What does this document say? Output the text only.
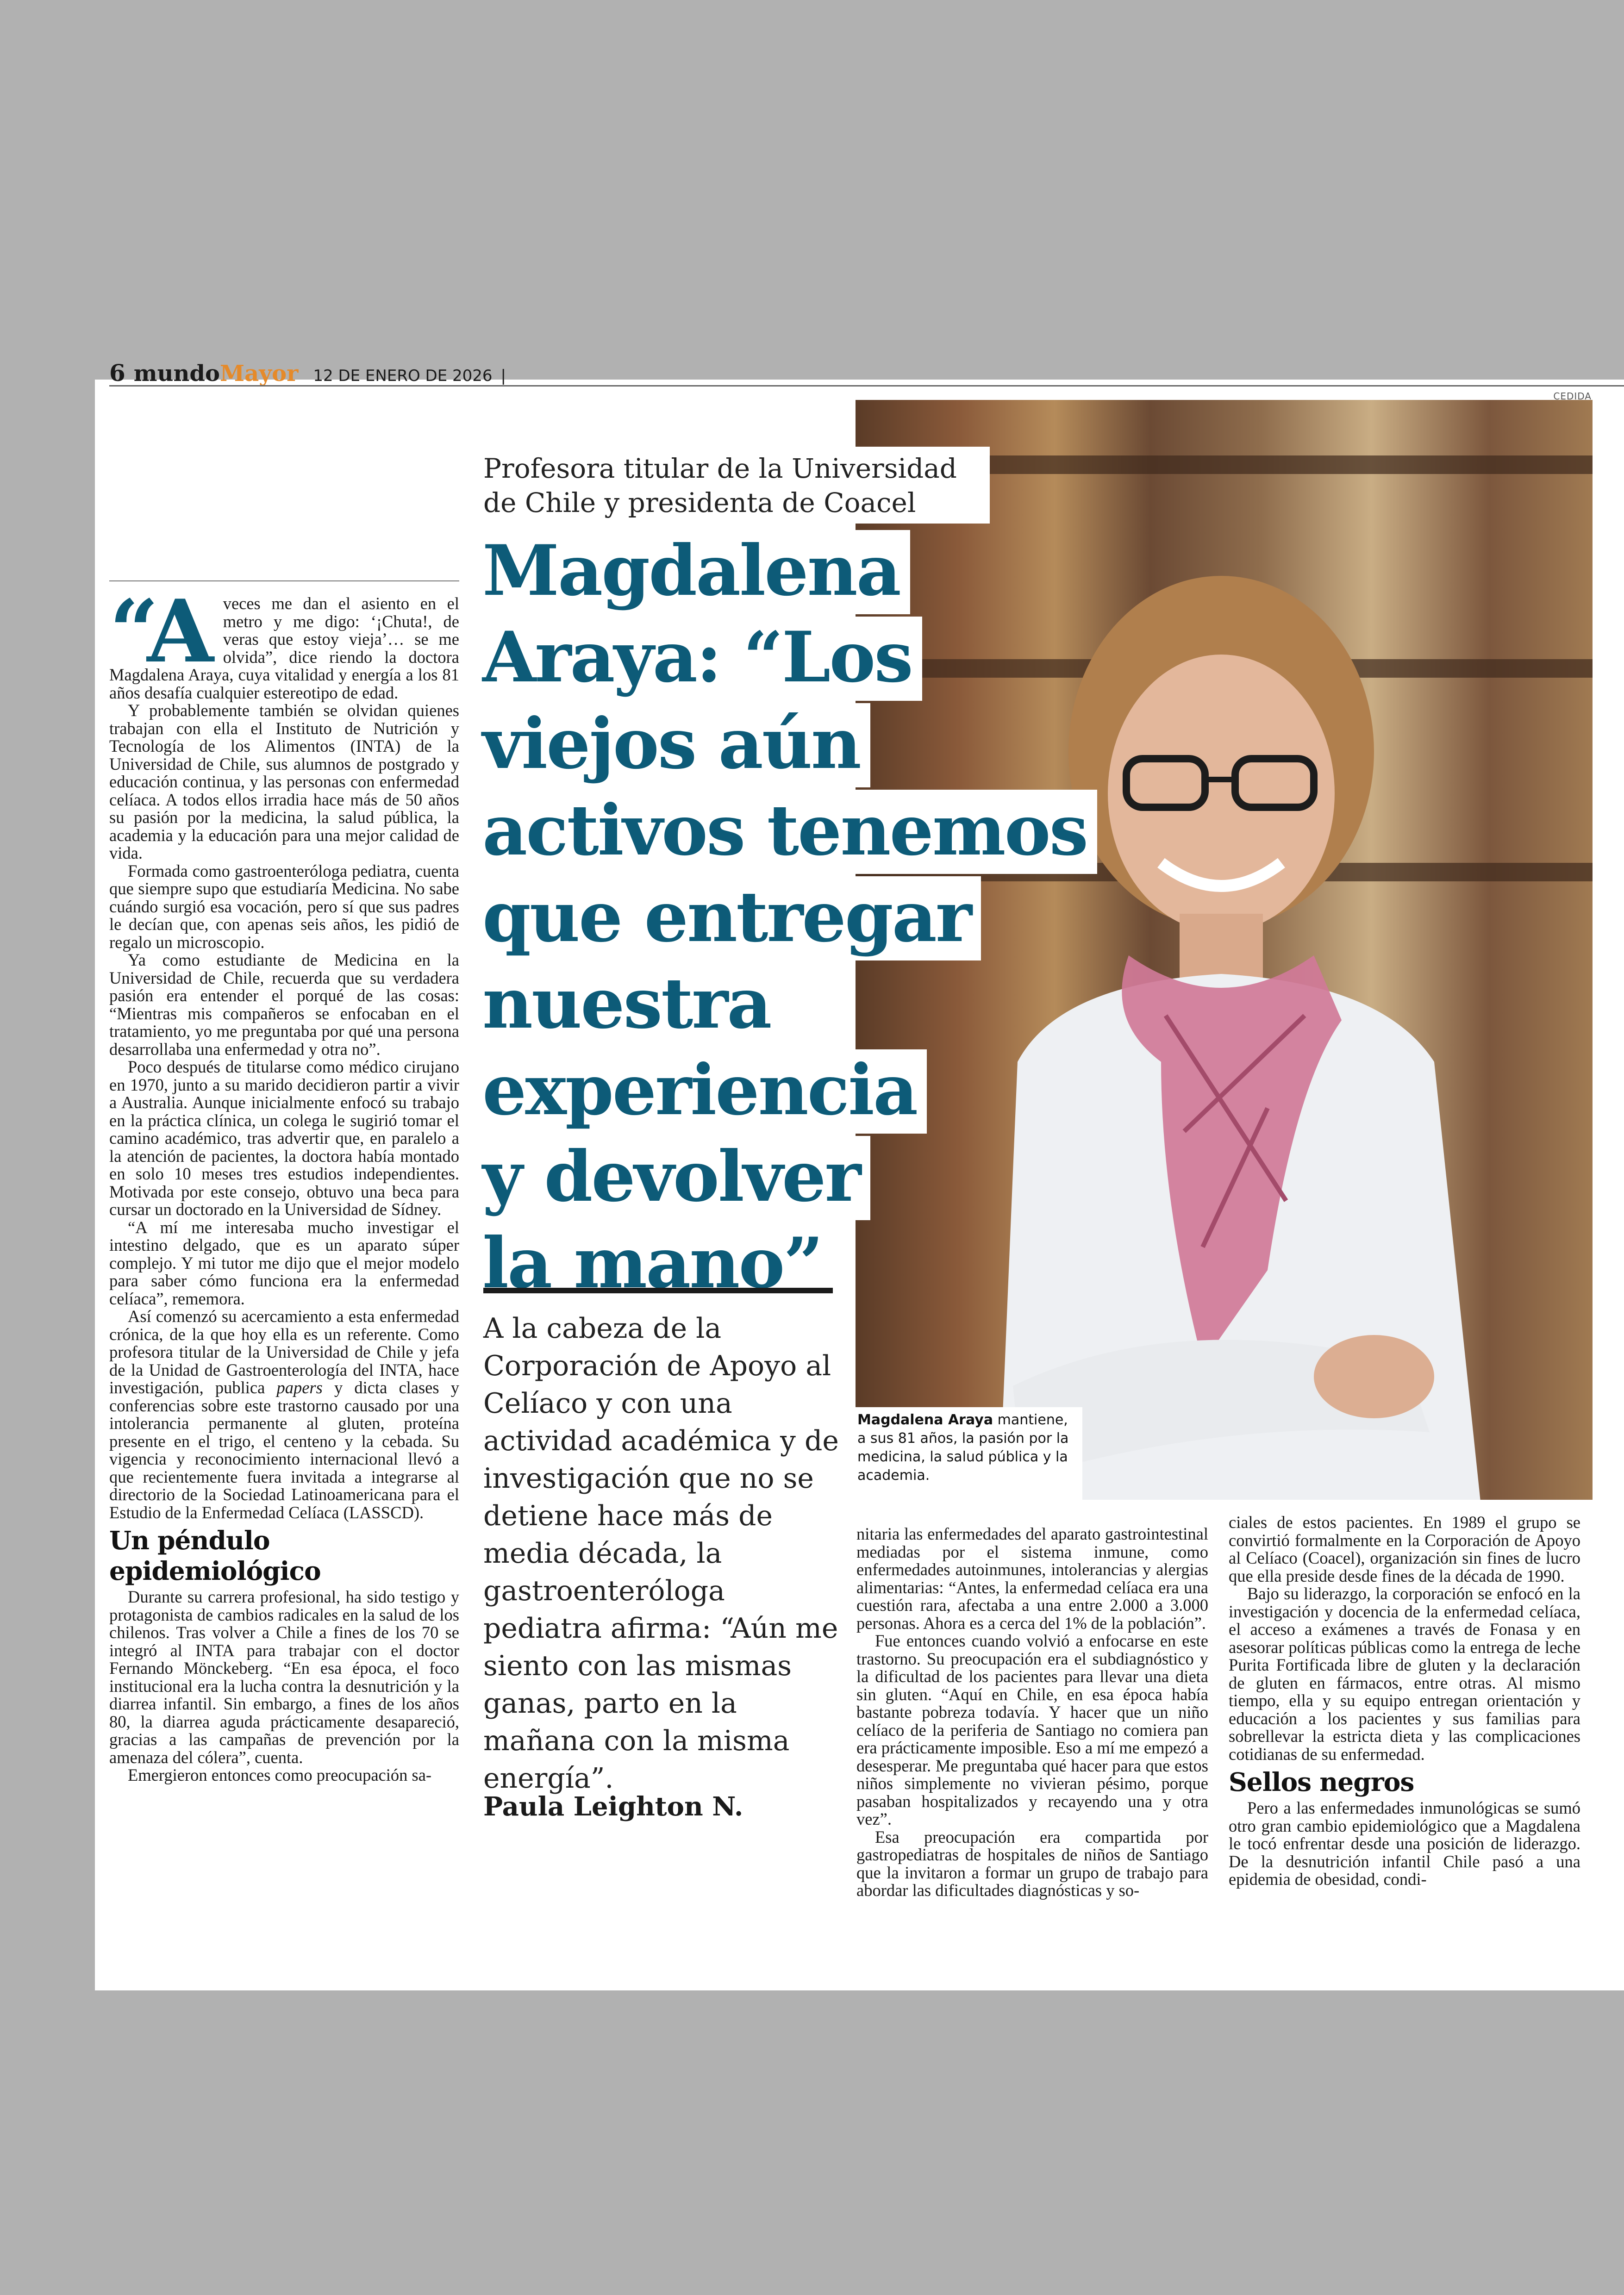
6 mundo Mayor 12 DE ENERO DE 2026 |
CEDIDA
Magdalena Araya mantiene, a sus 81 años, la pasión por la medicina, la salud pública y la academia.
Profesora titular de la Universidad de Chile y presidenta de Coacel
Magdalena
Araya: “Los
viejos aún
activos tenemos
que entregar
nuestra
experiencia
y devolver
la mano”
A la cabeza de la Corporación de Apoyo al Celíaco y con una actividad académica y de investigación que no se detiene hace más de media década, la gastroenteróloga pediatra afirma: “Aún me siento con las mismas ganas, parto en la mañana con la misma energía”.
Paula Leighton N.

“Aveces me dan el asiento en el metro y me digo: ‘¡Chuta!, de veras que estoy vieja’… se me olvida”, dice riendo la doctora Magdalena Araya, cuya vitalidad y energía a los 81 años desafía cualquier estereotipo de edad.

Y probablemente también se olvidan quienes trabajan con ella el Instituto de Nutrición y Tecnología de los Alimentos (INTA) de la Universidad de Chile, sus alumnos de postgrado y educación continua, y las personas con enfermedad celíaca. A todos ellos irradia hace más de 50 años su pasión por la medicina, la salud pública, la academia y la educación para una mejor calidad de vida.

Formada como gastroenteróloga pediatra, cuenta que siempre supo que estudiaría Medicina. No sabe cuándo surgió esa vocación, pero sí que sus padres le decían que, con apenas seis años, les pidió de regalo un microscopio.

Ya como estudiante de Medicina en la Universidad de Chile, recuerda que su verdadera pasión era entender el porqué de las cosas: “Mientras mis compañeros se enfocaban en el tratamiento, yo me preguntaba por qué una persona desarrollaba una enfermedad y otra no”.

Poco después de titularse como médico cirujano en 1970, junto a su marido decidieron partir a vivir a Australia. Aunque inicialmente enfocó su trabajo en la práctica clínica, un colega le sugirió tomar el camino académico, tras advertir que, en paralelo a la atención de pacientes, la doctora había montado en solo 10 meses tres estudios independientes. Motivada por este consejo, obtuvo una beca para cursar un doctorado en la Universidad de Sídney.

“A mí me interesaba mucho investigar el intestino delgado, que es un aparato súper complejo. Y mi tutor me dijo que el mejor modelo para saber cómo funciona era la enfermedad celíaca”, rememora.

Así comenzó su acercamiento a esta enfermedad crónica, de la que hoy ella es un referente. Como profesora titular de la Universidad de Chile y jefa de la Unidad de Gastroenterología del INTA, hace investigación, publica papers y dicta clases y conferencias sobre este trastorno causado por una intolerancia permanente al gluten, proteína presente en el trigo, el centeno y la cebada. Su vigencia y reconocimiento internacional llevó a que recientemente fuera invitada a integrarse al directorio de la Sociedad Latinoamericana para el Estudio de la Enfermedad Celíaca (LASSCD).

Un péndulo epidemiológico

Durante su carrera profesional, ha sido testigo y protagonista de cambios radicales en la salud de los chilenos. Tras volver a Chile a fines de los 70 se integró al INTA para trabajar con el doctor Fernando Mönckeberg. “En esa época, el foco institucional era la lucha contra la desnutrición y la diarrea infantil. Sin embargo, a fines de los años 80, la diarrea aguda prácticamente desapareció, gracias a las campañas de prevención por la amenaza del cólera”, cuenta.

Emergieron entonces como preocupación sa-

nitaria las enfermedades del aparato gastrointestinal mediadas por el sistema inmune, como enfermedades autoinmunes, intolerancias y alergias alimentarias: “Antes, la enfermedad celíaca era una cuestión rara, afectaba a una entre 2.000 a 3.000 personas. Ahora es a cerca del 1% de la población”.

Fue entonces cuando volvió a enfocarse en este trastorno. Su preocupación era el subdiagnóstico y la dificultad de los pacientes para llevar una dieta sin gluten. “Aquí en Chile, en esa época había bastante pobreza todavía. Y hacer que un niño celíaco de la periferia de Santiago no comiera pan era prácticamente imposible. Eso a mí me empezó a desesperar. Me preguntaba qué hacer para que estos niños simplemente no vivieran pésimo, porque pasaban hospitalizados y recayendo una y otra vez”.

Esa preocupación era compartida por gastropediatras de hospitales de niños de Santiago que la invitaron a formar un grupo de trabajo para abordar las dificultades diagnósticas y so-

ciales de estos pacientes. En 1989 el grupo se convirtió formalmente en la Corporación de Apoyo al Celíaco (Coacel), organización sin fines de lucro que ella preside desde fines de la década de 1990.

Bajo su liderazgo, la corporación se enfocó en la investigación y docencia de la enfermedad celíaca, el acceso a exámenes a través de Fonasa y en asesorar políticas públicas como la entrega de leche Purita Fortificada libre de gluten y la declaración de gluten en fármacos, entre otras. Al mismo tiempo, ella y su equipo entregan orientación y educación a los pacientes y sus familias para sobrellevar la estricta dieta y las complicaciones cotidianas de su enfermedad.

Sellos negros

Pero a las enfermedades inmunológicas se sumó otro gran cambio epidemiológico que a Magdalena le tocó enfrentar desde una posición de liderazgo. De la desnutrición infantil Chile pasó a una epidemia de obesidad, condi-
